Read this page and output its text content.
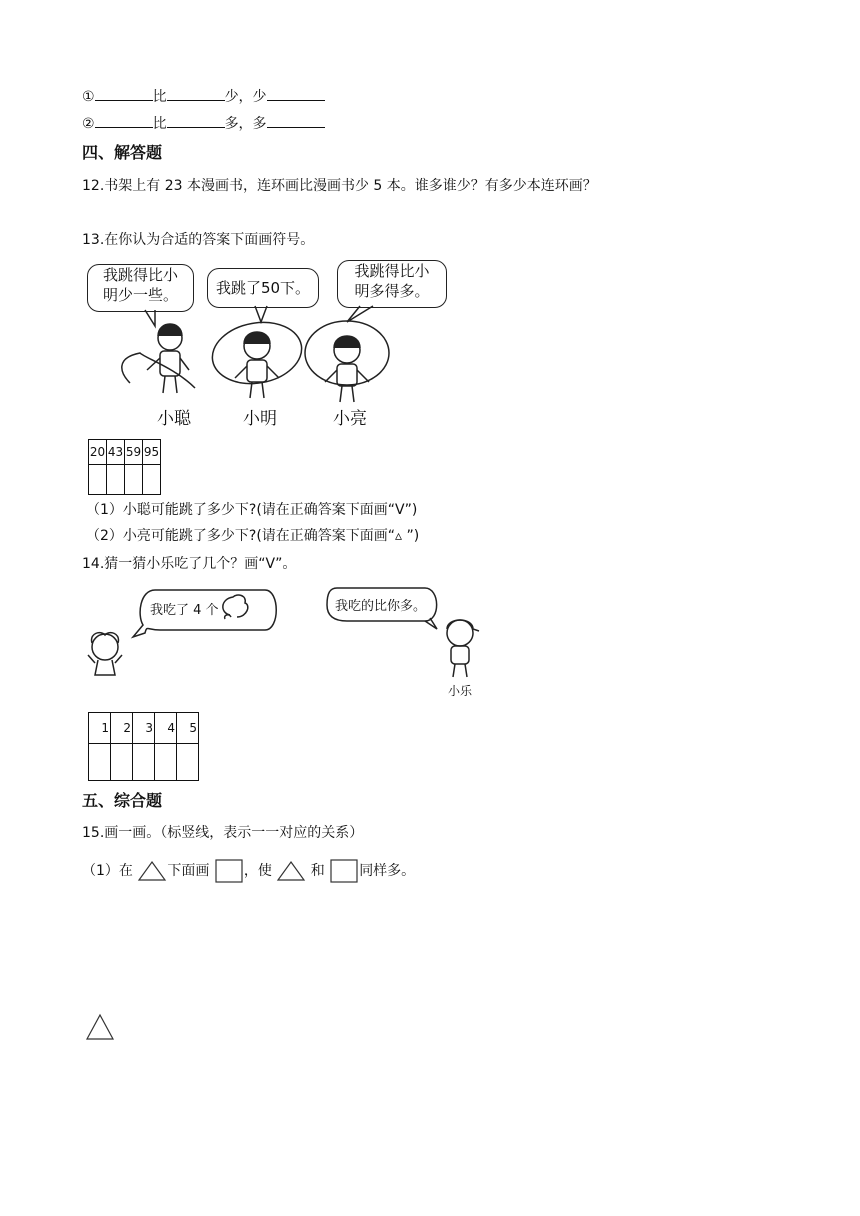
①	比	少，少
②	比	多，多
四、解答题
12.书架上有 23 本漫画书，连环画比漫画书少 5 本。谁多谁少？有多少本连环画？
13.在你认为合适的答案下面画符号。
我跳得比小
明少一些。	我跳了50下。
我跳得比小
明多得多。
小聪	小明	小亮
20	43	59	95

（1）小聪可能跳了多少下?(请在正确答案下面画“V”)
（2）小亮可能跳了多少下?(请在正确答案下面画“▵ ”)
14.猜一猜小乐吃了几个？画“V”。
我吃了 4 个	我吃的比你多。
小乐
1	2	3	4	5

五、综合题
15.画一画。（标竖线，表示一一对应的关系）
（1）在 下面画 ，使	和 同样多。
